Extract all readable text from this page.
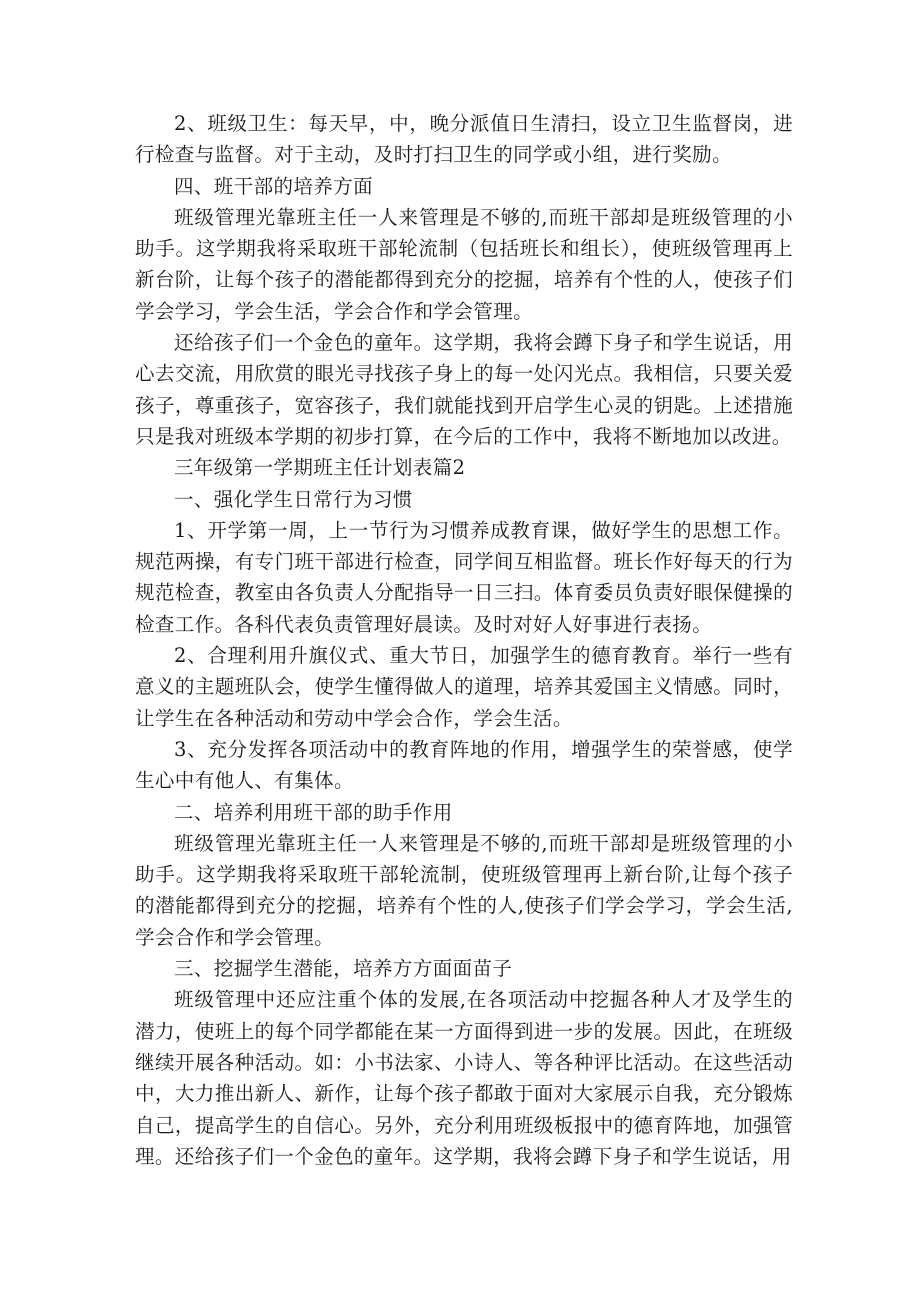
2、班级卫生：每天早，中，晚分派值日生清扫，设立卫生监督岗，进行检查与监督。对于主动，及时打扫卫生的同学或小组，进行奖励。

四、班干部的培养方面

班级管理光靠班主任一人来管理是不够的,而班干部却是班级管理的小助手。这学期我将采取班干部轮流制（包括班长和组长），使班级管理再上新台阶，让每个孩子的潜能都得到充分的挖掘，培养有个性的人，使孩子们学会学习，学会生活，学会合作和学会管理。

还给孩子们一个金色的童年。这学期，我将会蹲下身子和学生说话，用心去交流，用欣赏的眼光寻找孩子身上的每一处闪光点。我相信，只要关爱孩子，尊重孩子，宽容孩子，我们就能找到开启学生心灵的钥匙。上述措施只是我对班级本学期的初步打算，在今后的工作中，我将不断地加以改进。

三年级第一学期班主任计划表篇2

一、强化学生日常行为习惯

1、开学第一周，上一节行为习惯养成教育课，做好学生的思想工作。规范两操，有专门班干部进行检查，同学间互相监督。班长作好每天的行为规范检查，教室由各负责人分配指导一日三扫。体育委员负责好眼保健操的检查工作。各科代表负责管理好晨读。及时对好人好事进行表扬。

2、合理利用升旗仪式、重大节日，加强学生的德育教育。举行一些有意义的主题班队会，使学生懂得做人的道理，培养其爱国主义情感。同时，让学生在各种活动和劳动中学会合作，学会生活。

3、充分发挥各项活动中的教育阵地的作用，增强学生的荣誉感，使学生心中有他人、有集体。

二、培养利用班干部的助手作用

班级管理光靠班主任一人来管理是不够的,而班干部却是班级管理的小助手。这学期我将采取班干部轮流制，使班级管理再上新台阶,让每个孩子的潜能都得到充分的挖掘，培养有个性的人,使孩子们学会学习，学会生活,学会合作和学会管理。

三、挖掘学生潜能，培养方方面面苗子

班级管理中还应注重个体的发展,在各项活动中挖掘各种人才及学生的潜力，使班上的每个同学都能在某一方面得到进一步的发展。因此，在班级继续开展各种活动。如：小书法家、小诗人、等各种评比活动。在这些活动中，大力推出新人、新作，让每个孩子都敢于面对大家展示自我，充分锻炼自己，提高学生的自信心。另外，充分利用班级板报中的德育阵地，加强管理。还给孩子们一个金色的童年。这学期，我将会蹲下身子和学生说话，用
